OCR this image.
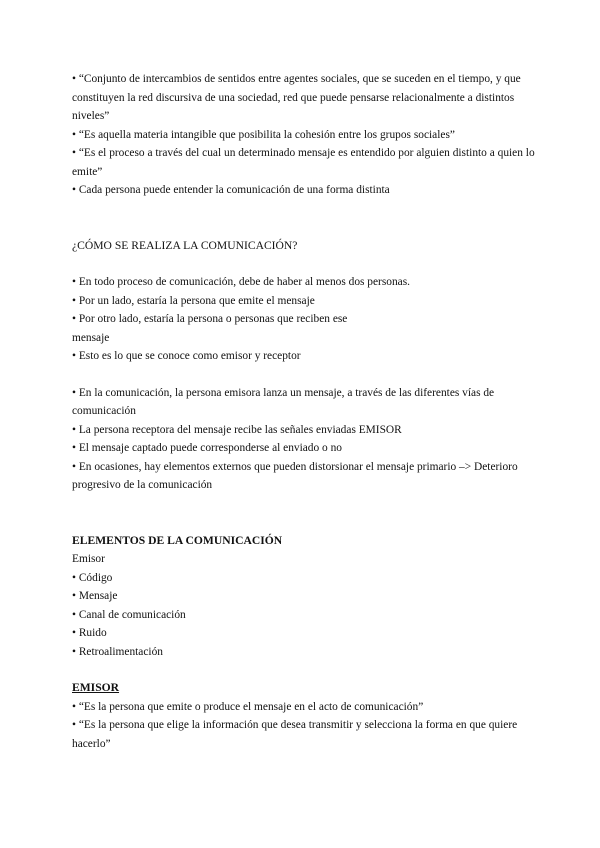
• “Conjunto de intercambios de sentidos entre agentes sociales, que se suceden en el tiempo, y que constituyen la red discursiva de una sociedad, red que puede pensarse relacionalmente a distintos niveles”

• “Es aquella materia intangible que posibilita la cohesión entre los grupos sociales”

• “Es el proceso a través del cual un determinado mensaje es entendido por alguien distinto a quien lo emite”

• Cada persona puede entender la comunicación de una forma distinta

¿CÓMO SE REALIZA LA COMUNICACIÓN?

• En todo proceso de comunicación, debe de haber al menos dos personas.

• Por un lado, estaría la persona que emite el mensaje

• Por otro lado, estaría la persona o personas que reciben ese

mensaje

• Esto es lo que se conoce como emisor y receptor

• En la comunicación, la persona emisora lanza un mensaje, a través de las diferentes vías de comunicación

• La persona receptora del mensaje recibe las señales enviadas EMISOR

• El mensaje captado puede corresponderse al enviado o no

• En ocasiones, hay elementos externos que pueden distorsionar el mensaje primario –> Deterioro progresivo de la comunicación

ELEMENTOS DE LA COMUNICACIÓN

Emisor

• Código

• Mensaje

• Canal de comunicación

• Ruido

• Retroalimentación

EMISOR

• “Es la persona que emite o produce el mensaje en el acto de comunicación”

• “Es la persona que elige la información que desea transmitir y selecciona la forma en que quiere hacerlo”
